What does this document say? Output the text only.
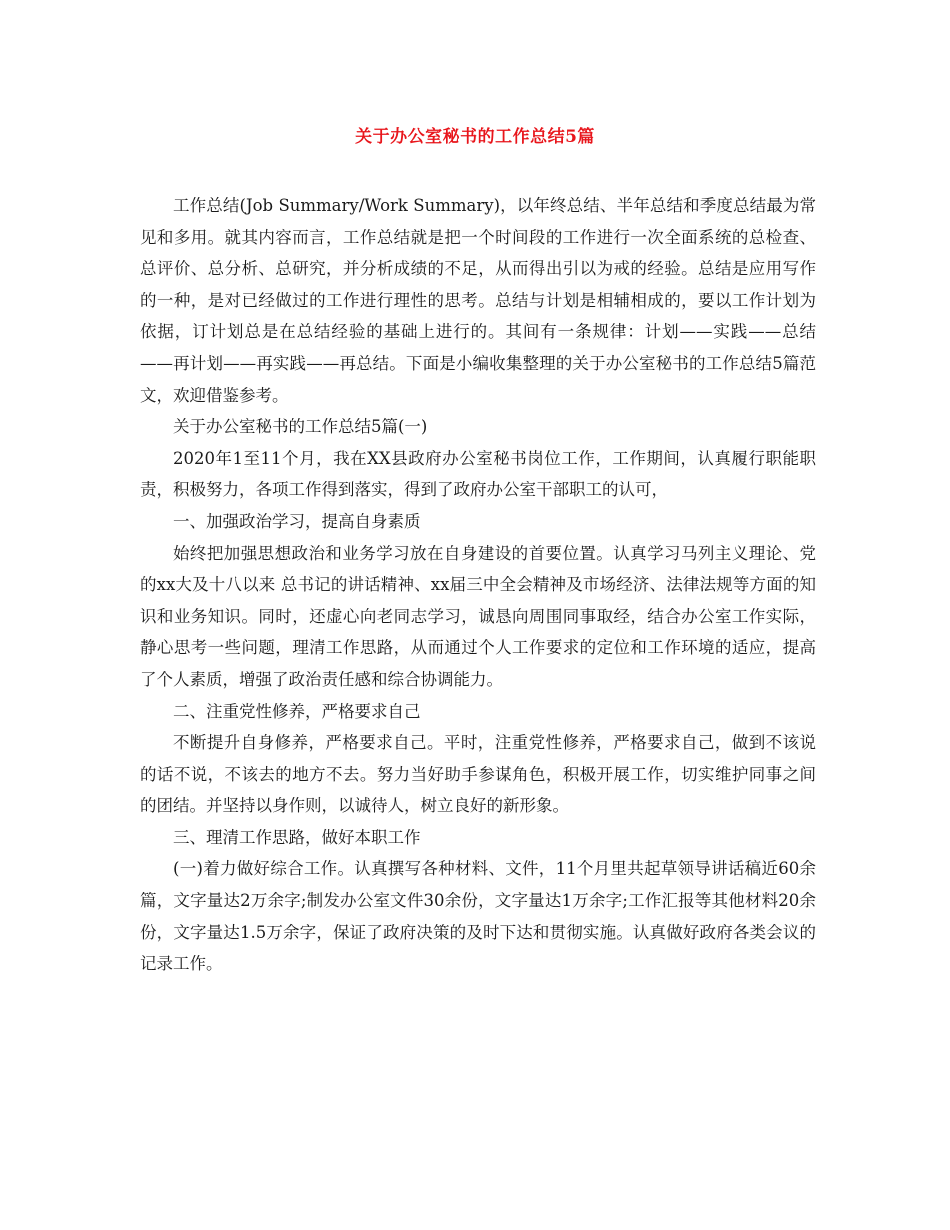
关于办公室秘书的工作总结5篇

工作总结(Job Summary/Work Summary)，以年终总结、半年总结和季度总结最为常见和多用。就其内容而言，工作总结就是把一个时间段的工作进行一次全面系统的总检查、总评价、总分析、总研究，并分析成绩的不足，从而得出引以为戒的经验。总结是应用写作的一种，是对已经做过的工作进行理性的思考。总结与计划是相辅相成的，要以工作计划为依据，订计划总是在总结经验的基础上进行的。其间有一条规律：计划——实践——总结——再计划——再实践——再总结。下面是小编收集整理的关于办公室秘书的工作总结5篇范文，欢迎借鉴参考。

关于办公室秘书的工作总结5篇(一)

2020年1至11个月，我在XX县政府办公室秘书岗位工作，工作期间，认真履行职能职责，积极努力，各项工作得到落实，得到了政府办公室干部职工的认可，

一、加强政治学习，提高自身素质

始终把加强思想政治和业务学习放在自身建设的首要位置。认真学习马列主义理论、党的xx大及十八以来 总书记的讲话精神、xx届三中全会精神及市场经济、法律法规等方面的知识和业务知识。同时，还虚心向老同志学习，诚恳向周围同事取经，结合办公室工作实际，静心思考一些问题，理清工作思路，从而通过个人工作要求的定位和工作环境的适应，提高了个人素质，增强了政治责任感和综合协调能力。

二、注重党性修养，严格要求自己

不断提升自身修养，严格要求自己。平时，注重党性修养，严格要求自己，做到不该说的话不说，不该去的地方不去。努力当好助手参谋角色，积极开展工作，切实维护同事之间的团结。并坚持以身作则，以诚待人，树立良好的新形象。

三、理清工作思路，做好本职工作

(一)着力做好综合工作。认真撰写各种材料、文件，11个月里共起草领导讲话稿近60余篇，文字量达2万余字;制发办公室文件30余份，文字量达1万余字;工作汇报等其他材料20余份，文字量达1.5万余字，保证了政府决策的及时下达和贯彻实施。认真做好政府各类会议的记录工作。
